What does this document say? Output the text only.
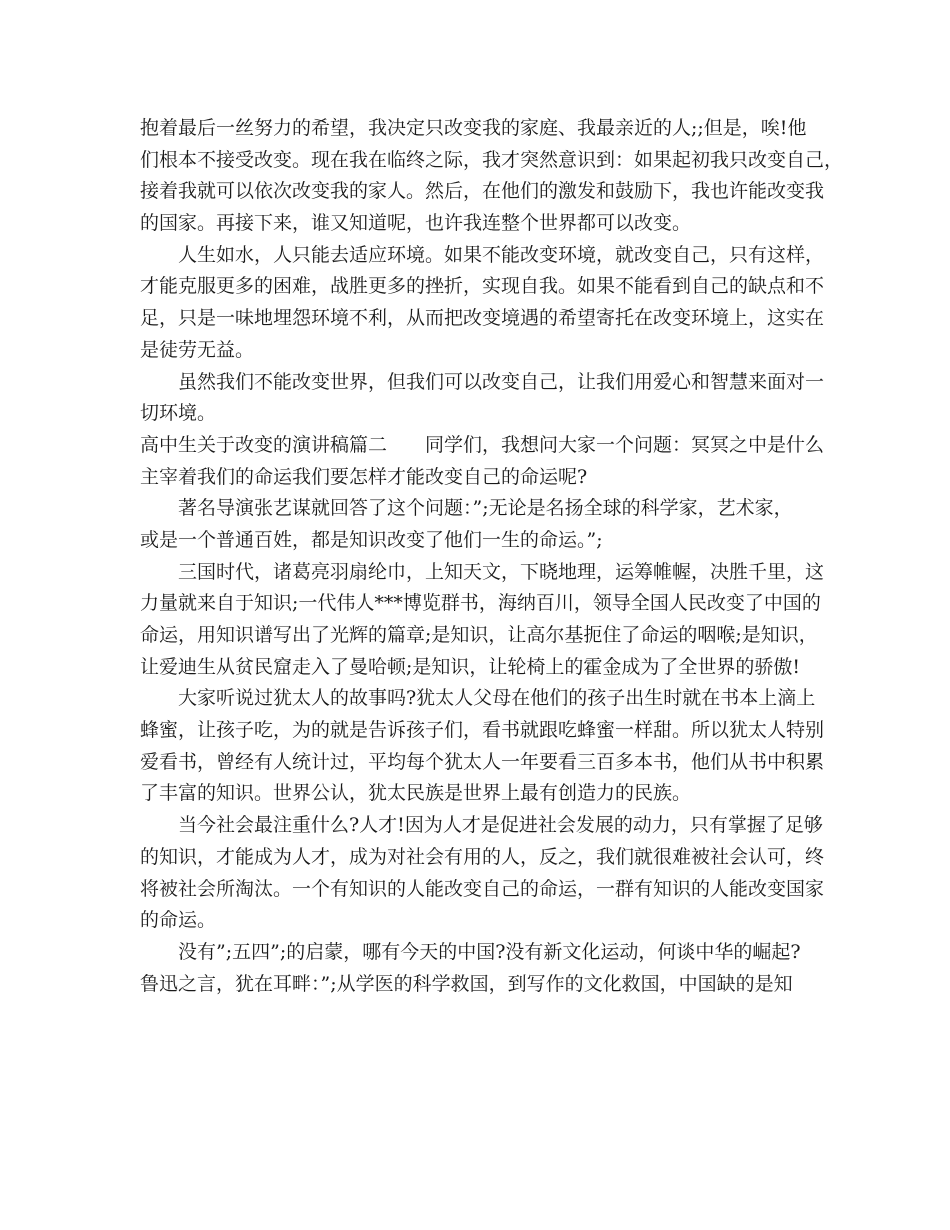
抱着最后一丝努力的希望，我决定只改变我的家庭、我最亲近的人;;但是，唉!他
们根本不接受改变。现在我在临终之际，我才突然意识到：如果起初我只改变自己，
接着我就可以依次改变我的家人。然后，在他们的激发和鼓励下，我也许能改变我
的国家。再接下来，谁又知道呢，也许我连整个世界都可以改变。
人生如水，人只能去适应环境。如果不能改变环境，就改变自己，只有这样，
才能克服更多的困难，战胜更多的挫折，实现自我。如果不能看到自己的缺点和不
足，只是一味地埋怨环境不利，从而把改变境遇的希望寄托在改变环境上，这实在
是徒劳无益。
虽然我们不能改变世界，但我们可以改变自己，让我们用爱心和智慧来面对一
切环境。
高中生关于改变的演讲稿篇二　　同学们，我想问大家一个问题：冥冥之中是什么
主宰着我们的命运我们要怎样才能改变自己的命运呢?
著名导演张艺谋就回答了这个问题：”;无论是名扬全球的科学家，艺术家，
或是一个普通百姓，都是知识改变了他们一生的命运。”;
三国时代，诸葛亮羽扇纶巾，上知天文，下晓地理，运筹帷幄，决胜千里，这
力量就来自于知识;一代伟人***博览群书，海纳百川，领导全国人民改变了中国的
命运，用知识谱写出了光辉的篇章;是知识，让高尔基扼住了命运的咽喉;是知识，
让爱迪生从贫民窟走入了曼哈顿;是知识，让轮椅上的霍金成为了全世界的骄傲!
大家听说过犹太人的故事吗?犹太人父母在他们的孩子出生时就在书本上滴上
蜂蜜，让孩子吃，为的就是告诉孩子们，看书就跟吃蜂蜜一样甜。所以犹太人特别
爱看书，曾经有人统计过，平均每个犹太人一年要看三百多本书，他们从书中积累
了丰富的知识。世界公认，犹太民族是世界上最有创造力的民族。
当今社会最注重什么?人才!因为人才是促进社会发展的动力，只有掌握了足够
的知识，才能成为人才，成为对社会有用的人，反之，我们就很难被社会认可，终
将被社会所淘汰。一个有知识的人能改变自己的命运，一群有知识的人能改变国家
的命运。
没有”;五四”;的启蒙，哪有今天的中国?没有新文化运动，何谈中华的崛起?
鲁迅之言，犹在耳畔：”;从学医的科学救国，到写作的文化救国，中国缺的是知
